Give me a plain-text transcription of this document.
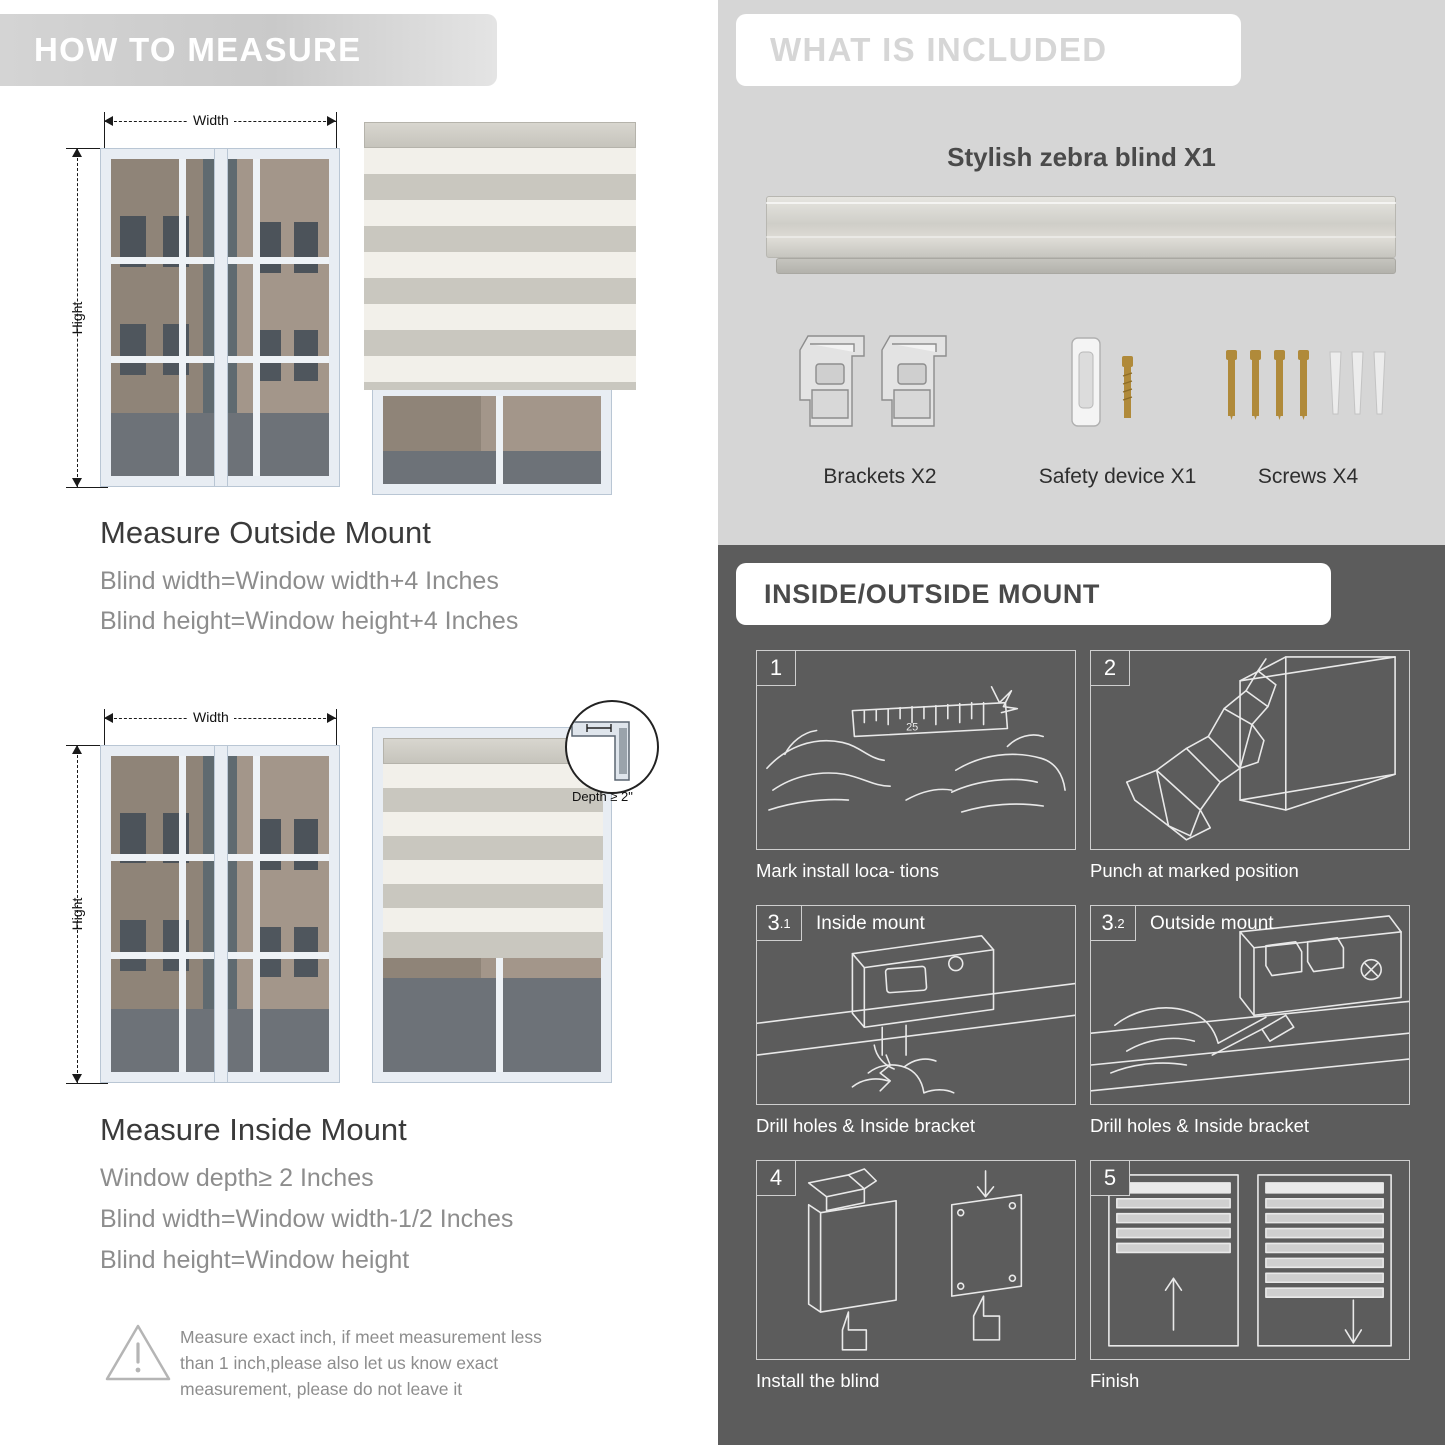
HOW TO MEASURE
Width
Hight
Measure Outside Mount
Blind width=Window width+4 Inches
Blind height=Window height+4 Inches
Width
Hight
Depth ≥ 2"
Measure Inside Mount
Window depth≥ 2 Inches
Blind width=Window width-1/2 Inches
Blind height=Window height
Measure exact inch, if meet measurement less
than 1 inch,please also let us know exact
measurement, please do not leave it
WHAT IS INCLUDED
Stylish zebra blind X1
Brackets X2	Safety device X1	Screws X4
INSIDE/OUTSIDE MOUNT
25
1
Mark install loca- tions
2
Punch at marked position
3 .1 Inside mount
Drill holes & Inside bracket
3 .2 Outside mount
Drill holes & Inside bracket
4
Install the blind
5
Finish
